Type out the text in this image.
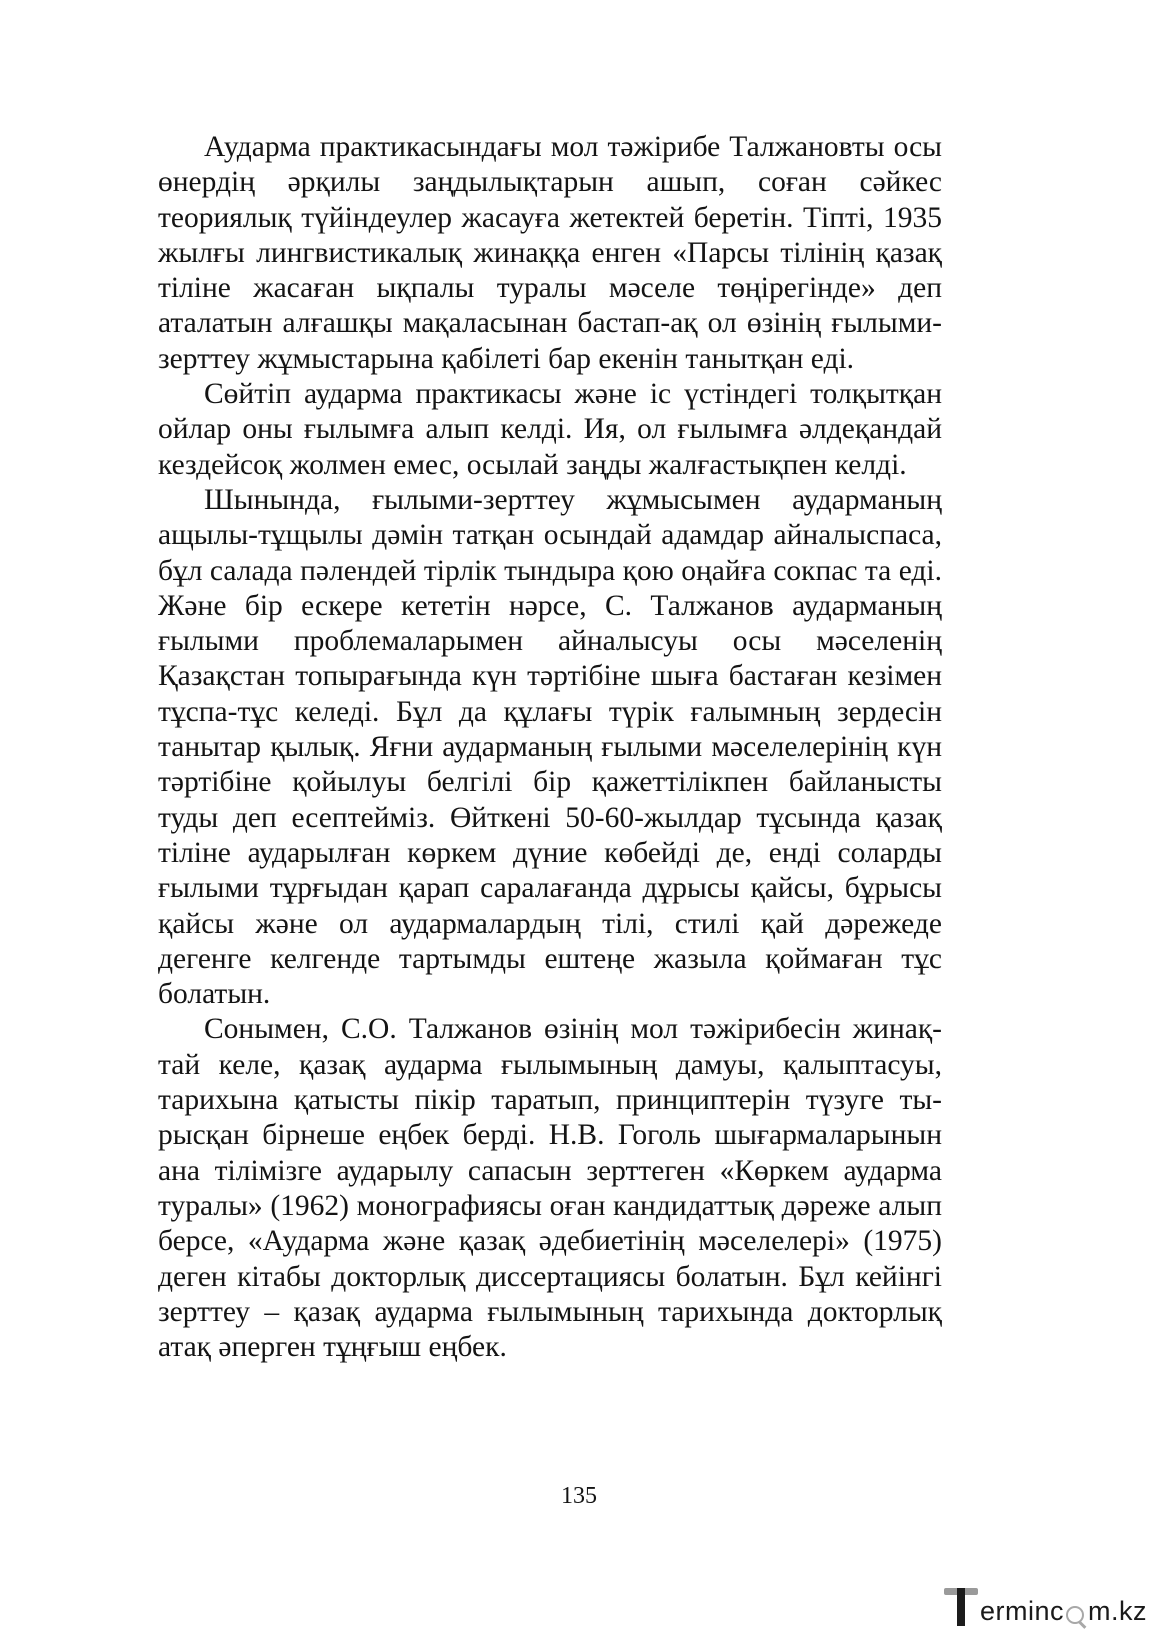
Аударма практикасындағы мол тәжірибе Талжановты осы өнердің әрқилы заңдылықтарын ашып, соған сәйкес теориялық түйіндеулер жасауға жетектей беретін. Тіпті, 1935 жылғы лингвистикалық жинаққа енген «Парсы тілінің қазақ тіліне жасаған ықпалы туралы мәселе төңірегінде» деп аталатын алғашқы мақаласынан бастап-ақ ол өзінің ғылыми-зерттеу жұмыстарына қабілеті бар екенін танытқан еді.

Сөйтіп аударма практикасы және іс үстіндегі толқытқан ойлар оны ғылымға алып келді. Ия, ол ғылымға әлдеқандай кездейсоқ жолмен емес, осылай заңды жалғастықпен келді.

Шынында, ғылыми-зерттеу жұмысымен аударманың ащылы-тұщылы дәмін татқан осындай адамдар айналыспаса, бұл салада пәлендей тірлік тындыра қою оңайға сокпас та еді. Және бір ескере кететін нәрсе, С. Талжанов аударманың ғылыми проблемаларымен айналысуы осы мәселенің Қазақстан топырағында күн тәртібіне шыға бастаған кезімен тұспа-тұс келеді. Бұл да құлағы түрік ғалымның зердесін танытар қылық. Яғни аударманың ғылыми мәселелерінің күн тәртібіне қойылуы белгілі бір қажеттілікпен байланысты туды деп есептейміз. Өйткені 50-60-жылдар тұсында қазақ тіліне аударылған көркем дүние көбейді де, енді соларды ғылыми тұрғыдан қарап саралағанда дұрысы қайсы, бұрысы қайсы және ол аудармалардың тілі, стилі қай дәрежеде дегенге келгенде тартымды ештеңе жазыла қоймаған тұс болатын.

Сонымен, С.О. Талжанов өзінің мол тәжірибесін жинақтай келе, қазақ аударма ғылымының дамуы, қалыптасуы, тарихына қатысты пікір таратып, принциптерін түзуге тырысқан бірнеше еңбек берді. Н.В. Гоголь шығармаларынын ана тілімізге аударылу сапасын зерттеген «Көркем аударма туралы» (1962) монографиясы оған кандидаттық дәреже алып берсе, «Аударма және қазақ әдебиетінің мәселелері» (1975) деген кітабы докторлық диссертациясы болатын. Бұл кейінгі зерттеу – қазақ аударма ғылымының тарихында докторлық атақ әперген тұңғыш еңбек.

135
erminc m.kz
